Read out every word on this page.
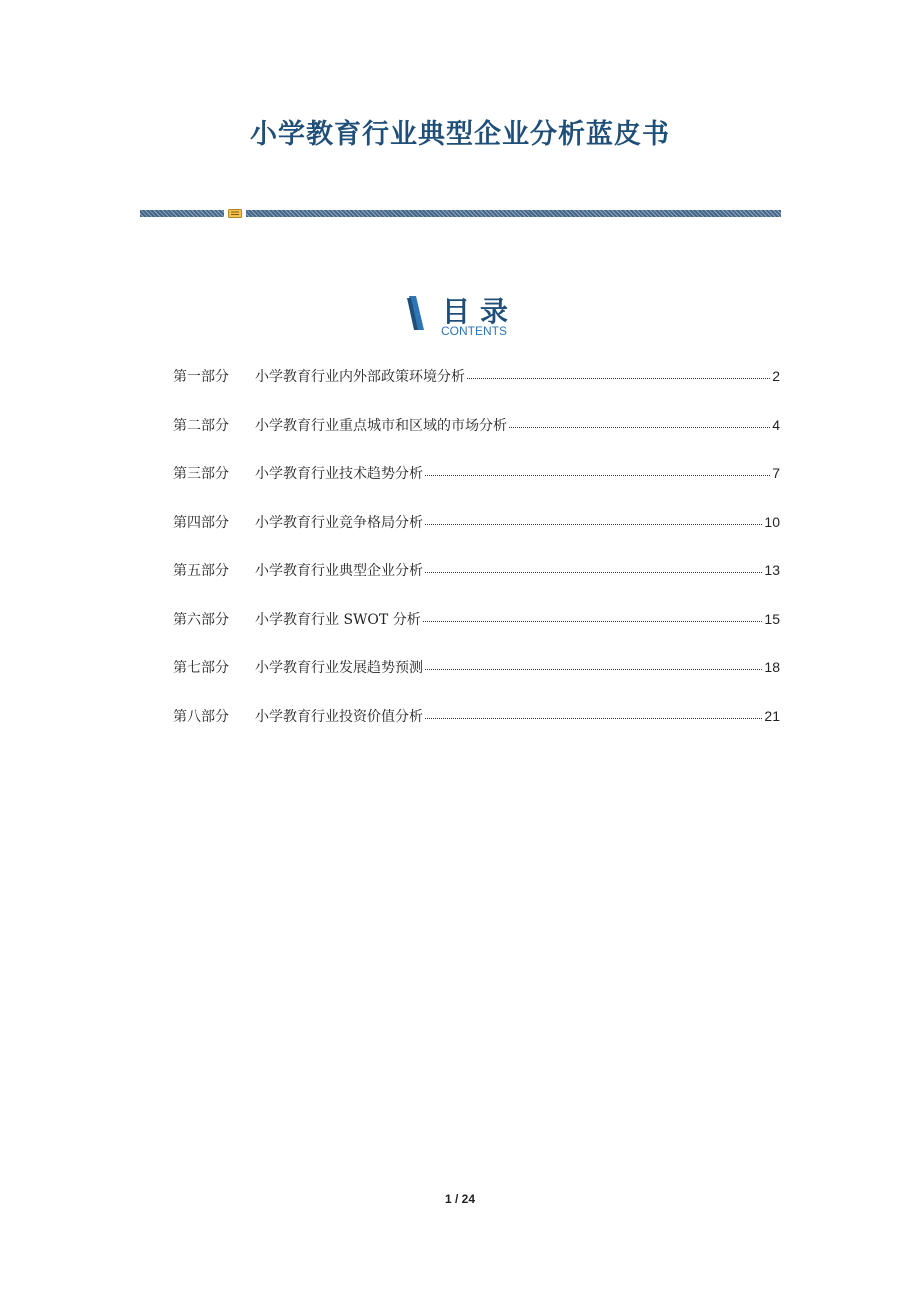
小学教育行业典型企业分析蓝皮书
目录
CONTENTS
第一部分	小学教育行业内外部政策环境分析	2
第二部分	小学教育行业重点城市和区域的市场分析	4
第三部分	小学教育行业技术趋势分析	7
第四部分	小学教育行业竞争格局分析	10
第五部分	小学教育行业典型企业分析	13
第六部分	小学教育行业 SWOT 分析	15
第七部分	小学教育行业发展趋势预测	18
第八部分	小学教育行业投资价值分析	21
1 / 24
